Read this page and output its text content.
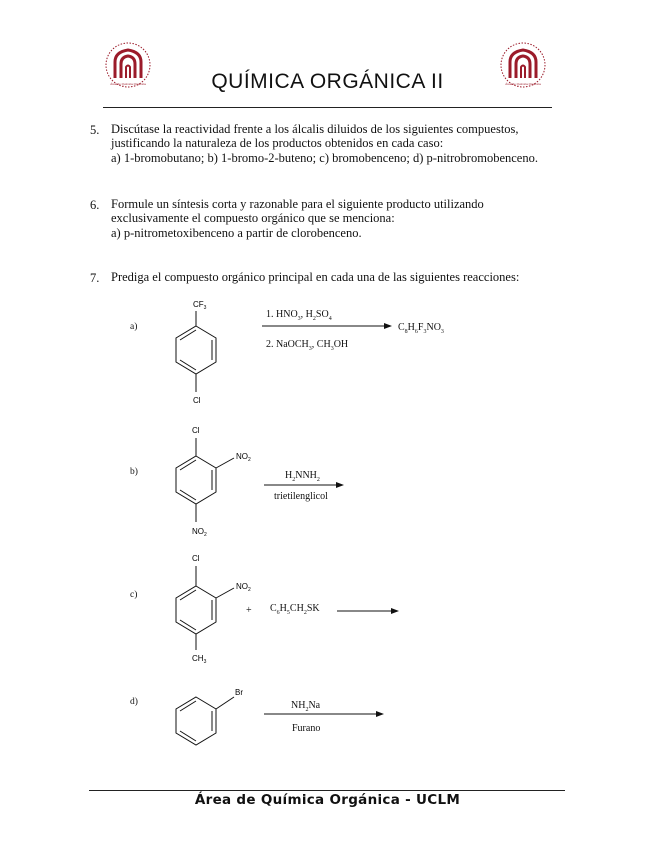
Área de Química Orgánica	Área de Química Orgánica
QUÍMICA ORGÁNICA II
5. Discútase la reactividad frente a los álcalis diluidos de los siguientes compuestos,
justificando la naturaleza de los productos obtenidos en cada caso:
a) 1-bromobutano; b) 1-bromo-2-buteno; c) bromobenceno; d) p-nitrobromobenceno.
6. Formule un síntesis corta y razonable para el siguiente producto utilizando
exclusivamente el compuesto orgánico que se menciona:
a) p-nitrometoxibenceno a partir de clorobenceno.
7. Prediga el compuesto orgánico principal en cada una de las siguientes reacciones:
a)
$CF_3$
Cl
1. $HNO_3$, $H_2SO_4$
2. NaOCH$_3$, $CH_3OH$
$C_8H_6F_3NO_3$
b)
Cl
$NO_2$
$NO_2$
$H_2NNH_2$
trietilenglicol
c)
Cl
$NO_2$
$CH_3$
+ $C_6H_5CH_2SK$
d)
Br
$NH_2Na$
Furano
Área de Química Orgánica - UCLM
